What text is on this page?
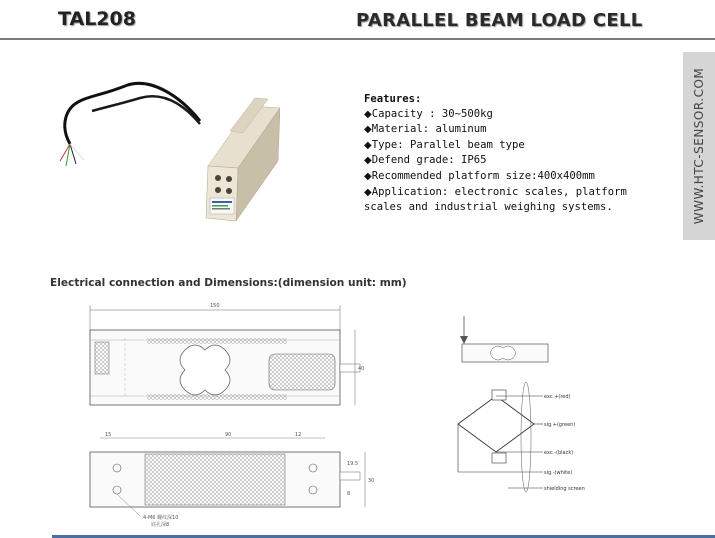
TAL208	PARALLEL BEAM LOAD CELL
WWW.HTC-SENSOR.COM
Features:
◆Capacity : 30~500kg
◆Material: aluminum
◆Type: Parallel beam type
◆Defend grade: IP65
◆Recommended platform size:400x400mm
◆Application: electronic scales, platform scales and industrial weighing systems.
Electrical connection and Dimensions:(dimension unit: mm)
150
40
15	90	12
30
19.5
8
4-M6 螺纹深10
底孔深8
exc.+(red)
sig.+(green)
exc.-(black)
sig.-(white)
shielding screen
